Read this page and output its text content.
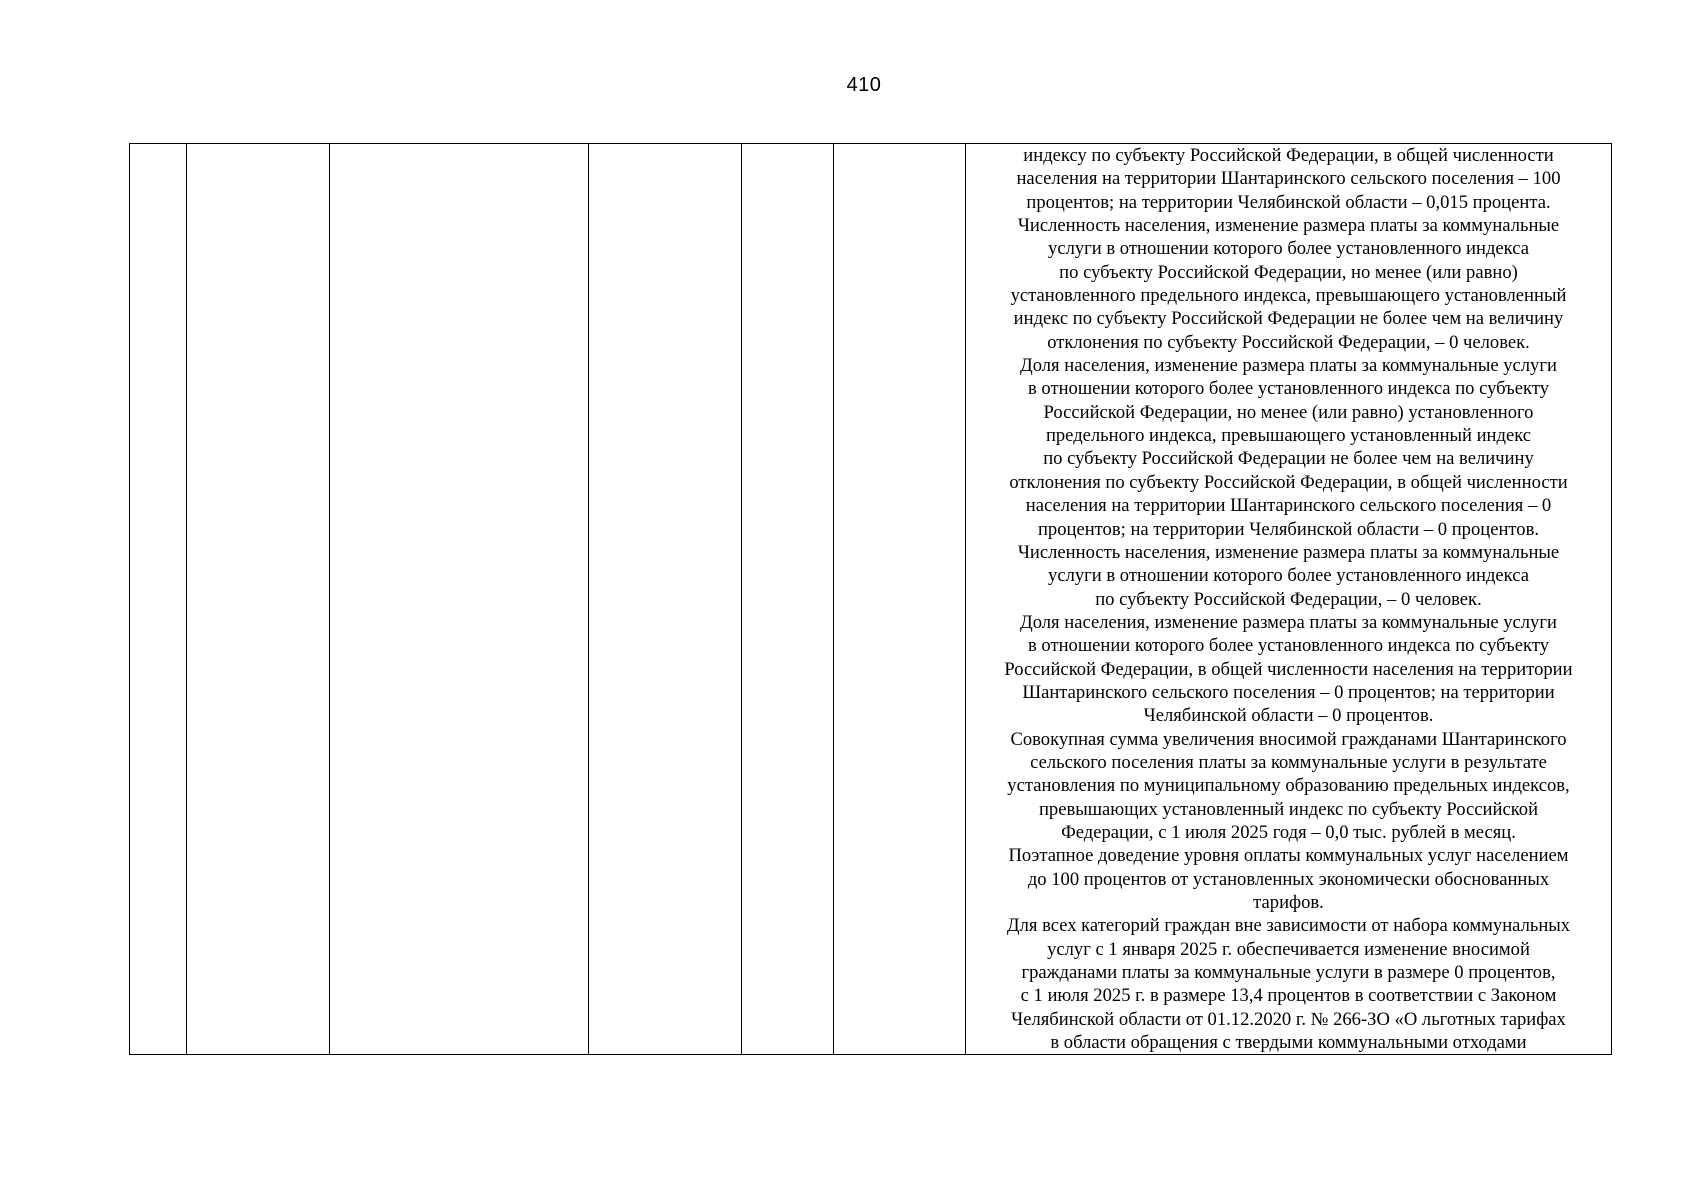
410

индексу по субъекту Российской Федерации, в общей численности
населения на территории Шантаринского сельского поселения – 100
процентов; на территории Челябинской области – 0,015 процента.
Численность населения, изменение размера платы за коммунальные
услуги в отношении которого более установленного индекса
по субъекту Российской Федерации, но менее (или равно)
установленного предельного индекса, превышающего установленный
индекс по субъекту Российской Федерации не более чем на величину
отклонения по субъекту Российской Федерации, – 0 человек.
Доля населения, изменение размера платы за коммунальные услуги
в отношении которого более установленного индекса по субъекту
Российской Федерации, но менее (или равно) установленного
предельного индекса, превышающего установленный индекс
по субъекту Российской Федерации не более чем на величину
отклонения по субъекту Российской Федерации, в общей численности
населения на территории Шантаринского сельского поселения – 0
процентов; на территории Челябинской области – 0 процентов.
Численность населения, изменение размера платы за коммунальные
услуги в отношении которого более установленного индекса
по субъекту Российской Федерации, – 0 человек.
Доля населения, изменение размера платы за коммунальные услуги
в отношении которого более установленного индекса по субъекту
Российской Федерации, в общей численности населения на территории
Шантаринского сельского поселения – 0 процентов; на территории
Челябинской области – 0 процентов.
Совокупная сумма увеличения вносимой гражданами Шантаринского
сельского поселения платы за коммунальные услуги в результате
установления по муниципальному образованию предельных индексов,
превышающих установленный индекс по субъекту Российской
Федерации, с 1 июля 2025 годя – 0,0 тыс. рублей в месяц.
Поэтапное доведение уровня оплаты коммунальных услуг населением
до 100 процентов от установленных экономически обоснованных
тарифов.
Для всех категорий граждан вне зависимости от набора коммунальных
услуг с 1 января 2025 г. обеспечивается изменение вносимой
гражданами платы за коммунальные услуги в размере 0 процентов,
с 1 июля 2025 г. в размере 13,4 процентов в соответствии с Законом
Челябинской области от 01.12.2020 г. № 266-ЗО «О льготных тарифах
в области обращения с твердыми коммунальными отходами
